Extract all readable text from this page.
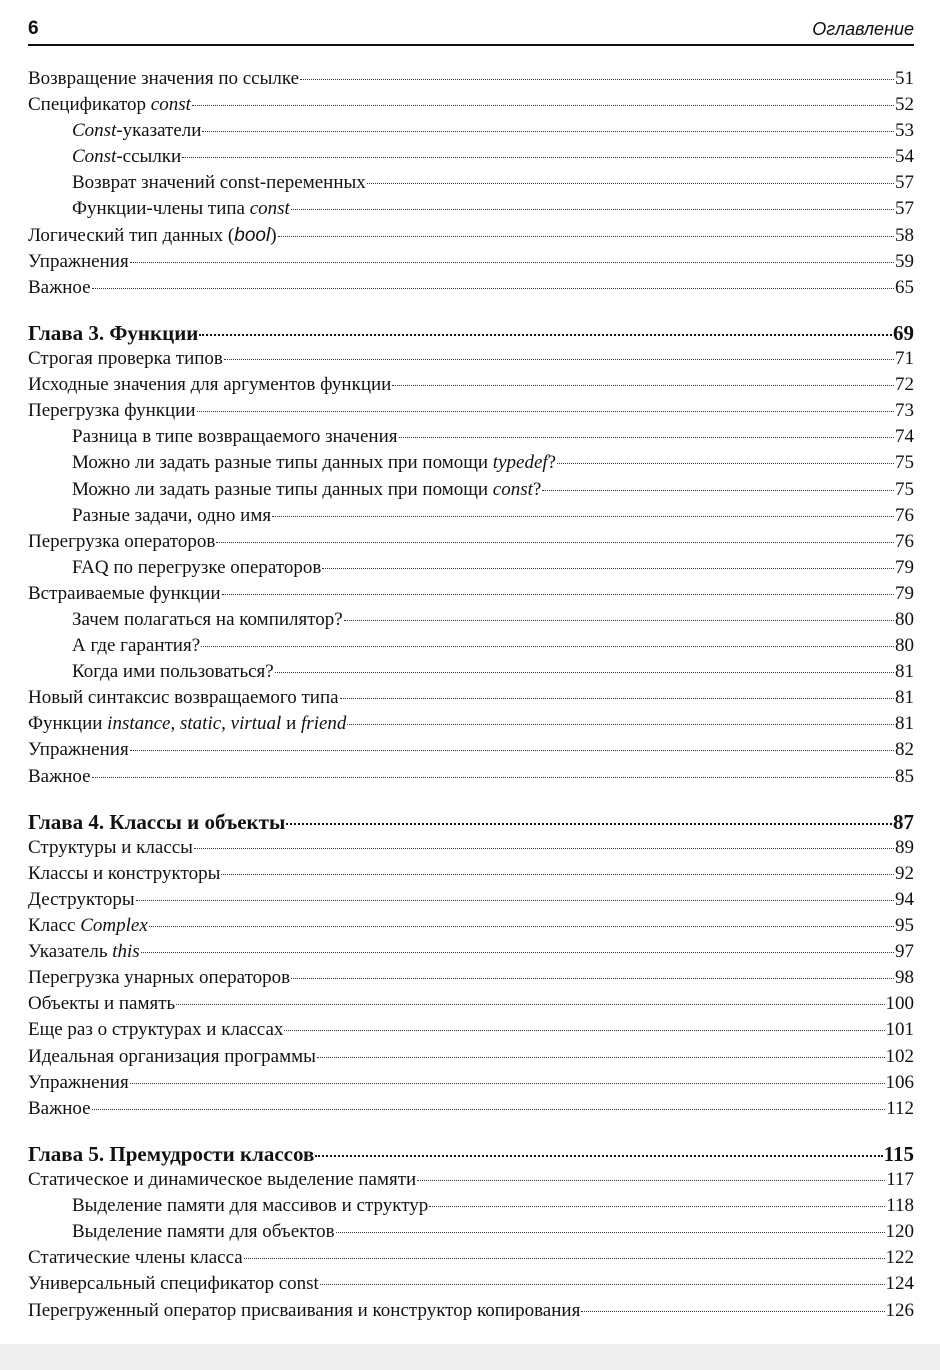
6	Оглавление
Возвращение значения по ссылке	51
Спецификатор const	52
Const-указатели	53
Const-ссылки	54
Возврат значений const-переменных	57
Функции-члены типа const	57
Логический тип данных (bool)	58
Упражнения	59
Важное	65
Глава 3. Функции	69
Строгая проверка типов	71
Исходные значения для аргументов функции	72
Перегрузка функции	73
Разница в типе возвращаемого значения	74
Можно ли задать разные типы данных при помощи typedef?	75
Можно ли задать разные типы данных при помощи const?	75
Разные задачи, одно имя	76
Перегрузка операторов	76
FAQ по перегрузке операторов	79
Встраиваемые функции	79
Зачем полагаться на компилятор?	80
А где гарантия?	80
Когда ими пользоваться?	81
Новый синтаксис возвращаемого типа	81
Функции instance, static, virtual и friend	81
Упражнения	82
Важное	85
Глава 4. Классы и объекты	87
Структуры и классы	89
Классы и конструкторы	92
Деструкторы	94
Класс Complex	95
Указатель this	97
Перегрузка унарных операторов	98
Объекты и память	100
Еще раз о структурах и классах	101
Идеальная организация программы	102
Упражнения	106
Важное	112
Глава 5. Премудрости классов	115
Статическое и динамическое выделение памяти	117
Выделение памяти для массивов и структур	118
Выделение памяти для объектов	120
Статические члены класса	122
Универсальный спецификатор const	124
Перегруженный оператор присваивания и конструктор копирования	126
